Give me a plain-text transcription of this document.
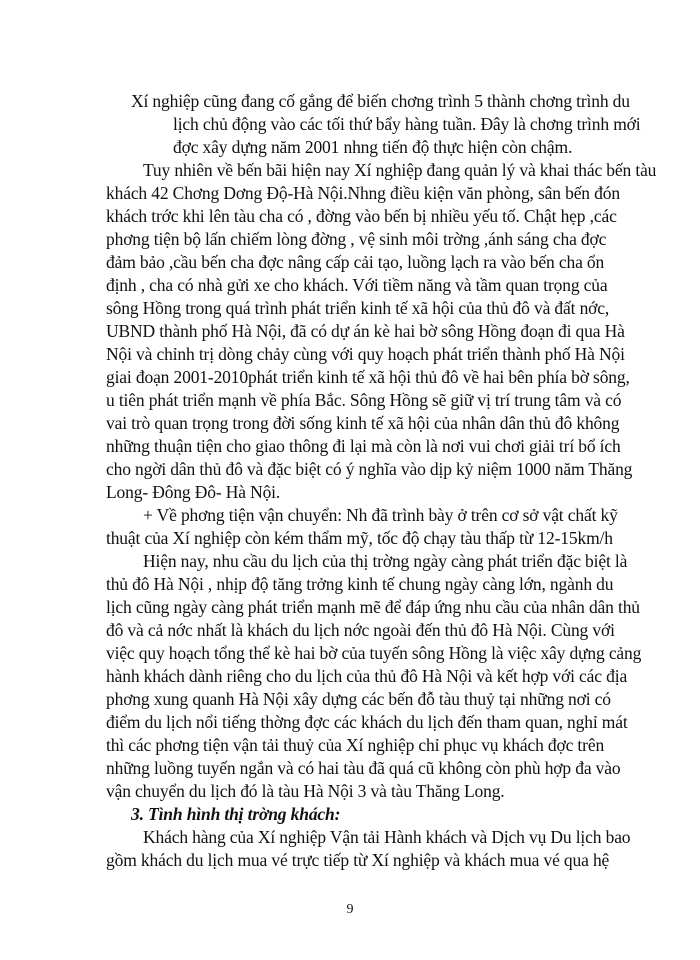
Xí nghiệp cũng đang cố gắng để biến chơng trình 5 thành chơng trình du
lịch chủ động vào các tối thứ bẩy hàng tuần. Đây là chơng trình mới
đợc xây dựng năm 2001 nhng tiến độ thực hiện còn chậm.
Tuy nhiên về bến bãi hiện nay Xí nghiệp đang quản lý và khai thác bến tàu
khách 42 Chơng Dơng Độ-Hà Nội.Nhng điều kiện văn phòng, sân bến đón
khách trớc khi lên tàu cha có , đờng vào bến bị nhiều yếu tố. Chật hẹp ,các
phơng tiện bộ lấn chiếm lòng đờng , vệ sinh môi trờng ,ánh sáng cha đợc
đảm bảo ,cầu bến cha đợc nâng cấp cải tạo, luồng lạch ra vào bến cha ổn
định , cha có nhà gửi xe cho khách. Với tiềm năng và tầm quan trọng của
sông Hồng trong quá trình phát triển kinh tế xã hội của thủ đô và đất nớc,
UBND thành phố Hà Nội, đã có dự án kè hai bờ sông Hồng đoạn đi qua Hà
Nội và chỉnh trị dòng chảy cùng với quy hoạch phát triển thành phố Hà Nội
giai đoạn 2001-2010phát triển kinh tế xã hội thủ đô về hai bên phía bờ sông,
u tiên phát triển mạnh về phía Bắc. Sông Hồng sẽ giữ vị trí trung tâm và có
vai trò quan trọng trong đời sống kinh tế xã hội của nhân dân thủ đô không
những thuận tiện cho giao thông đi lại mà còn là nơi vui chơi giải trí bổ ích
cho ngời dân thủ đô và đặc biệt có ý nghĩa vào dịp kỷ niệm 1000 năm Thăng
Long- Đông Đô- Hà Nội.
+ Về phơng tiện vận chuyển: Nh đã trình bày ở trên cơ sở vật chất kỹ
thuật của Xí nghiệp còn kém thẩm mỹ, tốc độ chạy tàu thấp từ 12-15km/h
Hiện nay, nhu cầu du lịch của thị trờng ngày càng phát triển đặc biệt là
thủ đô Hà Nội , nhịp độ tăng trởng kinh tế chung ngày càng lớn, ngành du
lịch cũng ngày càng phát triển mạnh mẽ để đáp ứng nhu cầu của nhân dân thủ
đô và cả nớc nhất là khách du lịch nớc ngoài đến thủ đô Hà Nội. Cùng với
việc quy hoạch tổng thể kè hai bờ của tuyến sông Hồng là việc xây dựng cảng
hành khách dành riêng cho du lịch của thủ đô Hà Nội và kết hợp với các địa
phơng xung quanh Hà Nội xây dựng các bến đỗ tàu thuỷ tại những nơi có
điểm du lịch nổi tiếng thờng đợc các khách du lịch đến tham quan, nghỉ mát
thì các phơng tiện vận tải thuỷ của Xí nghiệp chỉ phục vụ khách đợc trên
những luồng tuyến ngắn và có hai tàu đã quá cũ không còn phù hợp đa vào
vận chuyển du lịch đó là tàu Hà Nội 3 và tàu Thăng Long.
3. Tình hình thị trờng khách:
Khách hàng của Xí nghiệp Vận tải Hành khách và Dịch vụ Du lịch bao
gồm khách du lịch mua vé trực tiếp từ Xí nghiệp và khách mua vé qua hệ
9
